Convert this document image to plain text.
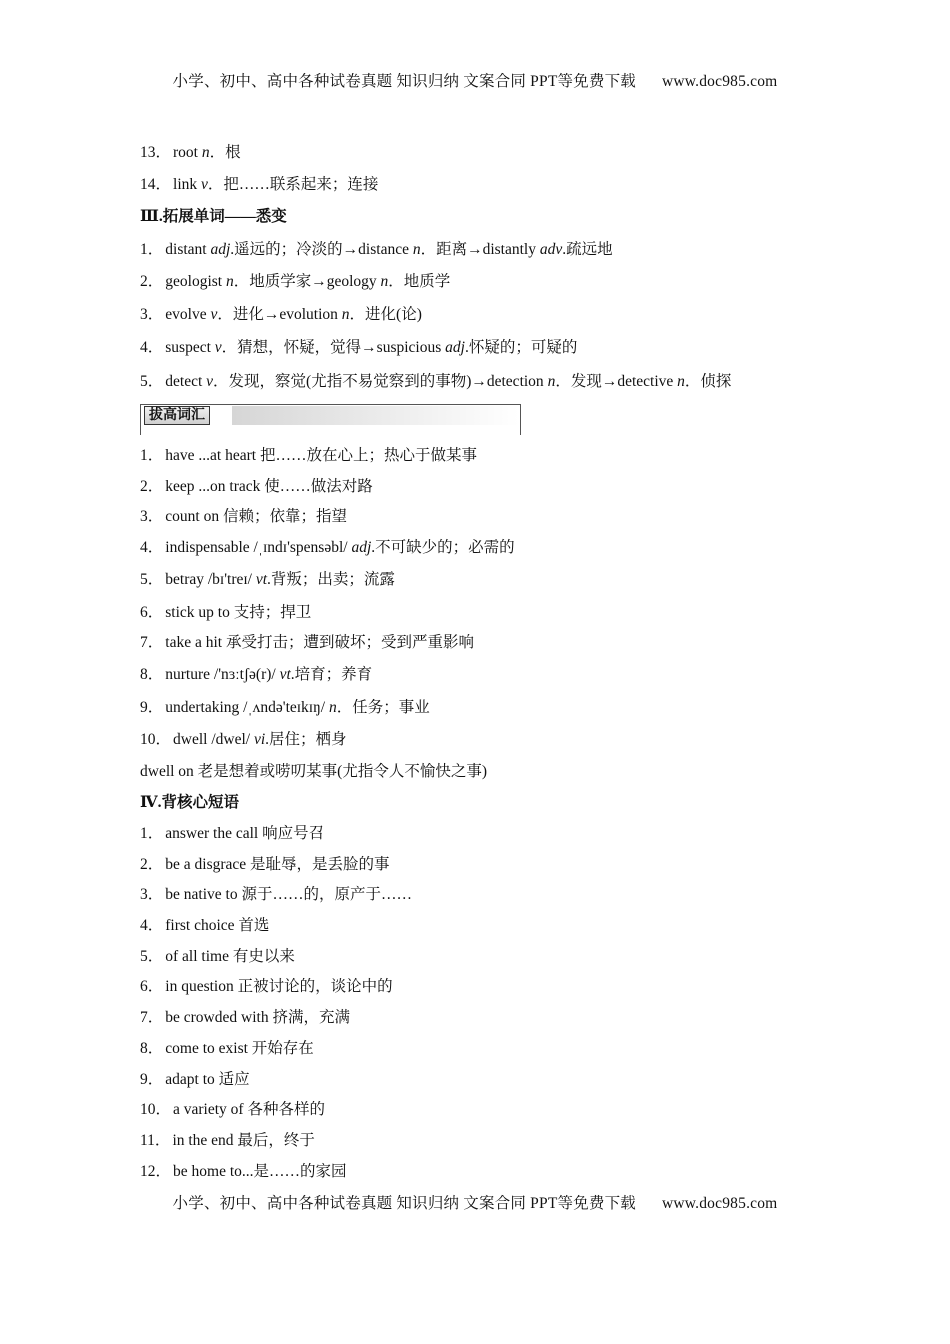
小学、初中、高中各种试卷真题 知识归纳 文案合同 PPT等免费下载 www.doc985.com
13． root n．根
14． link v．把……联系起来；连接
Ⅲ.拓展单词——悉变
1． distant adj.遥远的；冷淡的→distance n．距离→distantly adv.疏远地
2． geologist n．地质学家→geology n．地质学
3． evolve v．进化→evolution n．进化(论)
4． suspect v．猜想，怀疑，觉得→suspicious adj.怀疑的；可疑的
5． detect v．发现，察觉(尤指不易觉察到的事物)→detection n．发现→detective n．侦探
1． have ...at heart 把……放在心上；热心于做某事
2． keep ...on track 使……做法对路
3． count on 信赖；依靠；指望
4． indispensable /ˌɪndɪ'spensəbl/ adj.不可缺少的；必需的
5． betray /bɪ'treɪ/ vt.背叛；出卖；流露
6． stick up to 支持；捍卫
7． take a hit 承受打击；遭到破坏；受到严重影响
8． nurture /'nɜːtʃə(r)/ vt.培育；养育
9． undertaking /ˌʌndə'teɪkɪŋ/ n．任务；事业
10． dwell /dwel/ vi.居住；栖身
dwell on 老是想着或唠叨某事(尤指令人不愉快之事)
Ⅳ.背核心短语
1． answer the call 响应号召
2． be a disgrace 是耻辱，是丢脸的事
3． be native to 源于……的，原产于……
4． first choice 首选
5． of all time 有史以来
6． in question 正被讨论的，谈论中的
7． be crowded with 挤满，充满
8． come to exist 开始存在
9． adapt to 适应
10． a variety of 各种各样的
11． in the end 最后，终于
12． be home to...是……的家园
拔高词汇
小学、初中、高中各种试卷真题 知识归纳 文案合同 PPT等免费下载 www.doc985.com
